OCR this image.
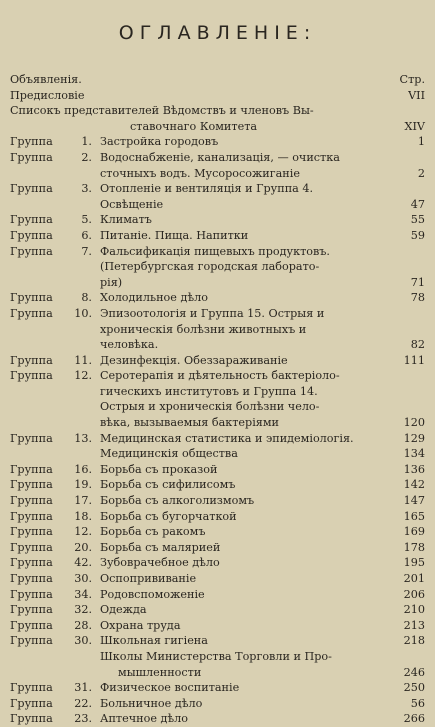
ОГЛАВЛЕНІЕ:
Объявленія.	Стр.
Предисловіе	VII
Списокъ представителей Вѣдомствъ и членовъ Вы-
ставочнаго Комитета	XIV
Группа	1. Застройка городовъ	1
Группа	2. Водоснабженіе, канализація, — очистка
сточныхъ водъ. Мусоросожиганіе	2
Группа	3. Отопленіе и вентиляція и Группа 4.
Освѣщеніе	47
Группа	5. Климатъ	55
Группа	6. Питаніе. Пища. Напитки	59
Группа	7. Фальсификація пищевыхъ продуктовъ.
(Петербургская городская лаборато-
рія)	71
Группа	8. Холодильное дѣло	78
Группа 10. Эпизоотологія и Группа 15. Острыя и
хроническія болѣзни животныхъ и
человѣка.	82
Группа 11. Дезинфекція. Обеззараживаніе	111
Группа 12. Серотерапія и дѣятельность бактеріоло-
гическихъ институтовъ и Группа 14.
Острыя и хроническія болѣзни чело-
вѣка, вызываемыя бактеріями	120
Группа 13. Медицинская статистика и эпидеміологія.	129
Медицинскія общества	134
Группа 16. Борьба съ проказой	136
Группа 19. Борьба съ сифилисомъ	142
Группа 17. Борьба съ алкоголизмомъ	147
Группа 18. Борьба съ бугорчаткой	165
Группа 12. Борьба съ ракомъ	169
Группа 20. Борьба съ малярией	178
Группа 42. Зубоврачебное дѣло	195
Группа 30. Оспопрививаніе	201
Группа 34. Родовспоможеніе	206
Группа 32. Одежда	210
Группа 28. Охрана труда	213
Группа 30. Школьная гигіена	218
Школы Министерства Торговли и Про-
мышленности	246
Группа 31. Физическое воспитаніе	250
Группа 22. Больничное дѣло	56
Группа 23. Аптечное дѣло	266
